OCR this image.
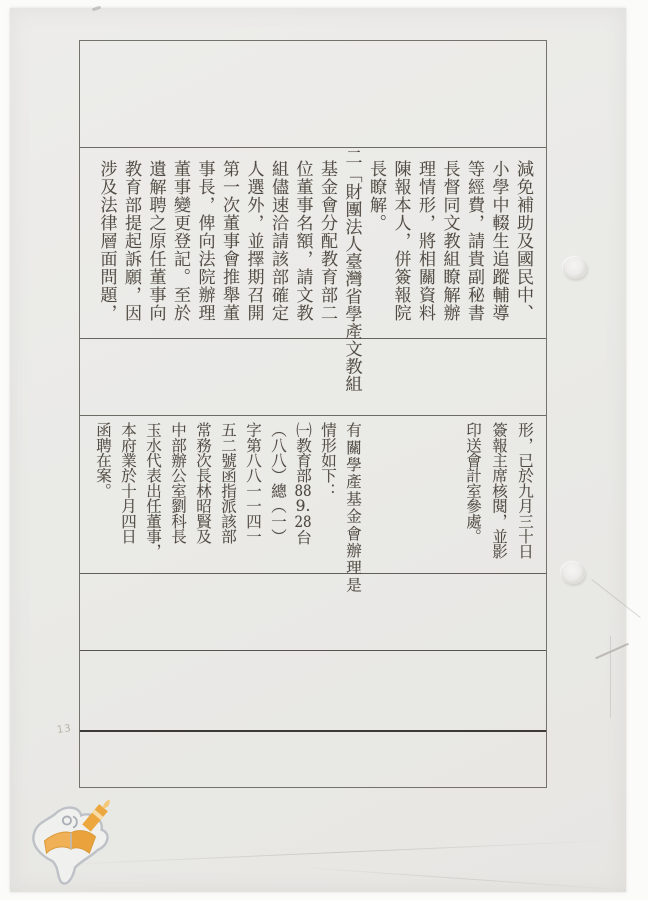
減免補助及國民中、
小學中輟生追蹤輔導
等經費，請貴副秘書
長督同文教組瞭解辦
理情形，將相關資料
陳報本人，併簽報院
長瞭解。
二「財團法人臺灣省學產文教組
基金會分配教育部二
位董事名額，請文教
組儘速洽請該部確定
人選外，並擇期召開
第一次董事會推舉董
事長，俾向法院辦理
董事變更登記。至於
遺解聘之原任董事向
教育部提起訴願，因
涉及法律層面問題，
形，已於九月三十日
簽報主席核閱，並影
印送會計室參處。
有關學產基金會辦理是
情形如下：
㈠教育部889.28台
︵八八︶總︵一︶
字第八八一一四一
五二號函指派該部
常務次長林昭賢及
中部辦公室劉科長
玉水代表出任董事，
本府業於十月四日
函聘在案。
13
